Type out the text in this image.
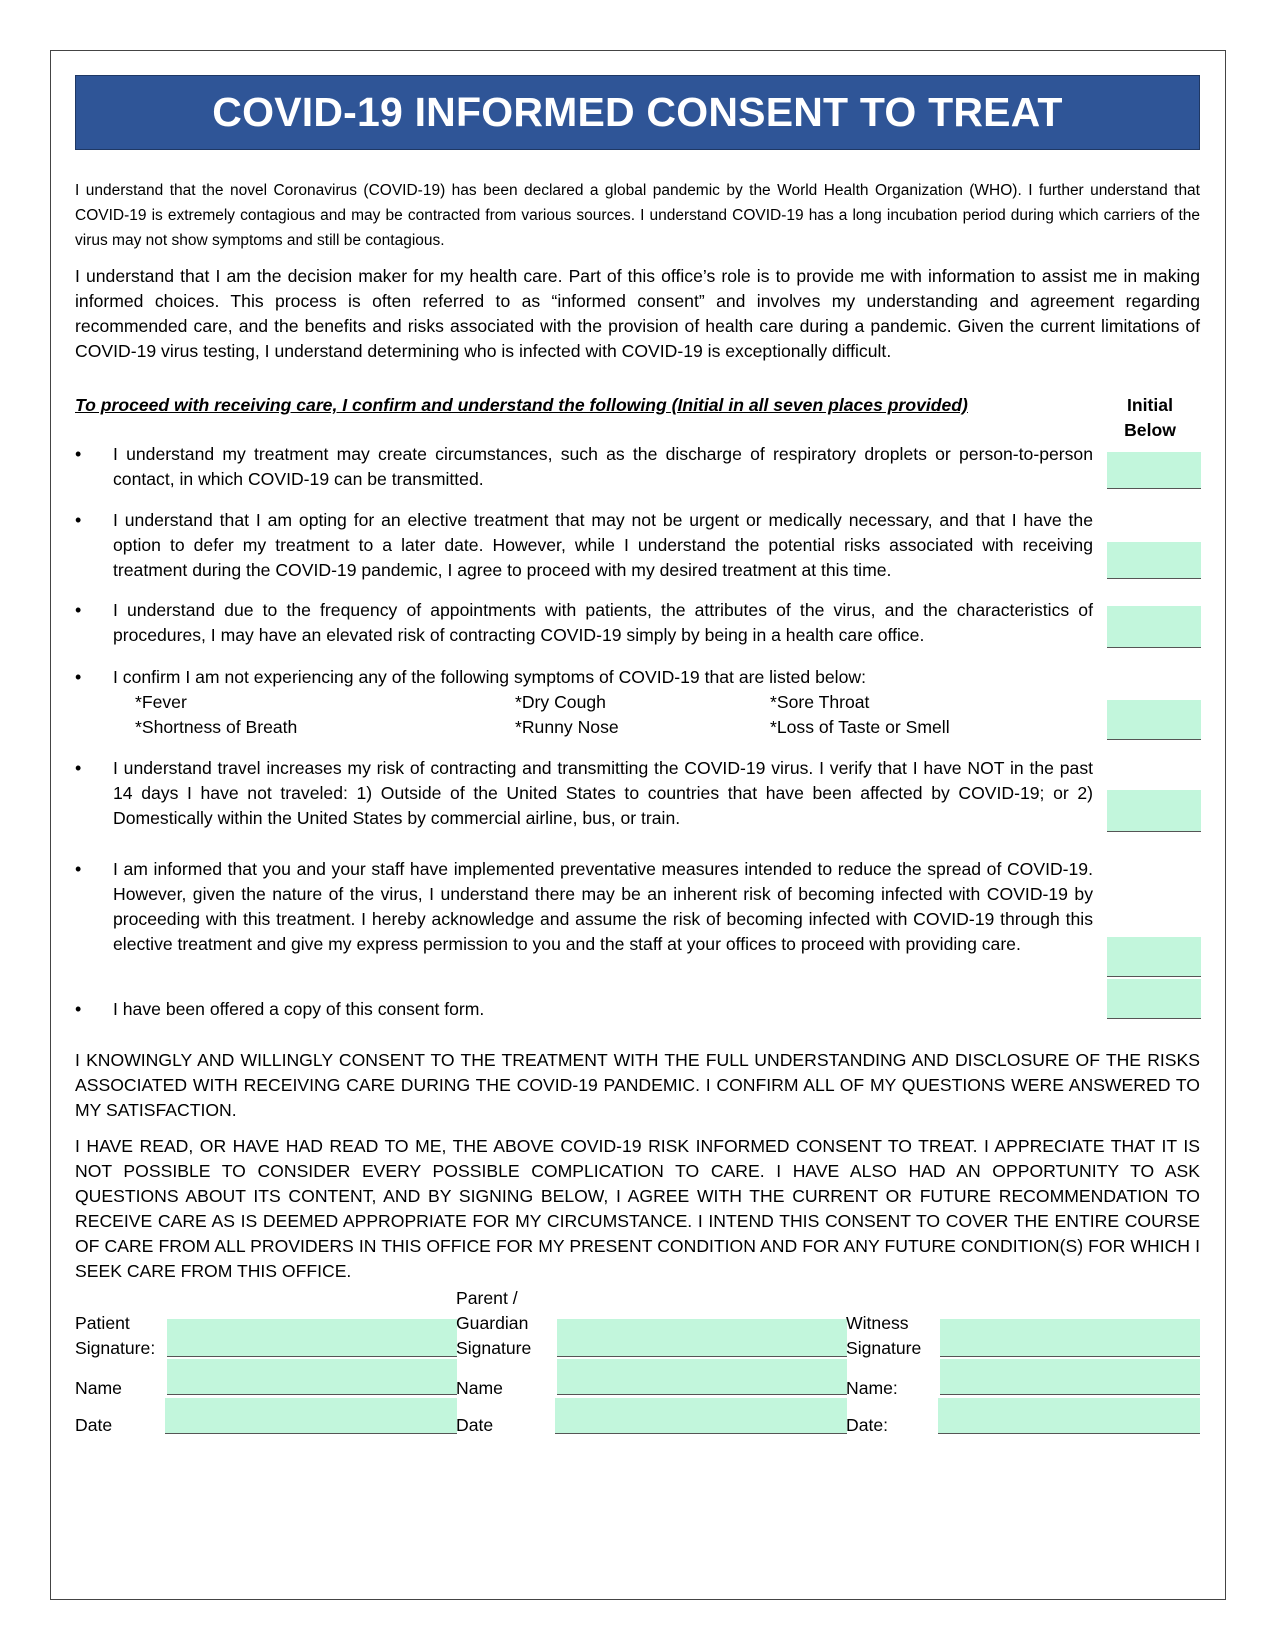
COVID-19 INFORMED CONSENT TO TREAT

I understand that the novel Coronavirus (COVID-19) has been declared a global pandemic by the World Health Organization (WHO). I further understand that COVID-19 is extremely contagious and may be contracted from various sources. I understand COVID-19 has a long incubation period during which carriers of the virus may not show symptoms and still be contagious.

I understand that I am the decision maker for my health care. Part of this office’s role is to provide me with information to assist me in making informed choices. This process is often referred to as “informed consent” and involves my understanding and agreement regarding recommended care, and the benefits and risks associated with the provision of health care during a pandemic. Given the current limitations of COVID-19 virus testing, I understand determining who is infected with COVID-19 is exceptionally difficult.

To proceed with receiving care, I confirm and understand the following (Initial in all seven places provided)	Initial Below
• I understand my treatment may create circumstances, such as the discharge of respiratory droplets or person-to-person contact, in which COVID-19 can be transmitted.

• I understand that I am opting for an elective treatment that may not be urgent or medically necessary, and that I have the option to defer my treatment to a later date. However, while I understand the potential risks associated with receiving treatment during the COVID-19 pandemic, I agree to proceed with my desired treatment at this time.

• I understand due to the frequency of appointments with patients, the attributes of the virus, and the characteristics of procedures, I may have an elevated risk of contracting COVID-19 simply by being in a health care office.

• I confirm I am not experiencing any of the following symptoms of COVID-19 that are listed below:

*Fever	*Dry Cough	*Sore Throat
*Shortness of Breath	*Runny Nose	*Loss of Taste or Smell
• I understand travel increases my risk of contracting and transmitting the COVID-19 virus. I verify that I have NOT in the past 14 days I have not traveled: 1) Outside of the United States to countries that have been affected by COVID-19; or 2) Domestically within the United States by commercial airline, bus, or train.

• I am informed that you and your staff have implemented preventative measures intended to reduce the spread of COVID-19. However, given the nature of the virus, I understand there may be an inherent risk of becoming infected with COVID-19 by proceeding with this treatment. I hereby acknowledge and assume the risk of becoming infected with COVID-19 through this elective treatment and give my express permission to you and the staff at your offices to proceed with providing care.

• I have been offered a copy of this consent form.

I KNOWINGLY AND WILLINGLY CONSENT TO THE TREATMENT WITH THE FULL UNDERSTANDING AND DISCLOSURE OF THE RISKS ASSOCIATED WITH RECEIVING CARE DURING THE COVID-19 PANDEMIC. I CONFIRM ALL OF MY QUESTIONS WERE ANSWERED TO MY SATISFACTION.

I HAVE READ, OR HAVE HAD READ TO ME, THE ABOVE COVID-19 RISK INFORMED CONSENT TO TREAT. I APPRECIATE THAT IT IS NOT POSSIBLE TO CONSIDER EVERY POSSIBLE COMPLICATION TO CARE. I HAVE ALSO HAD AN OPPORTUNITY TO ASK QUESTIONS ABOUT ITS CONTENT, AND BY SIGNING BELOW, I AGREE WITH THE CURRENT OR FUTURE RECOMMENDATION TO RECEIVE CARE AS IS DEEMED APPROPRIATE FOR MY CIRCUMSTANCE. I INTEND THIS CONSENT TO COVER THE ENTIRE COURSE OF CARE FROM ALL PROVIDERS IN THIS OFFICE FOR MY PRESENT CONDITION AND FOR ANY FUTURE CONDITION(S) FOR WHICH I SEEK CARE FROM THIS OFFICE.

Patient
Signature:
Name
Date
Parent /
Guardian
Signature
Name
Date
Witness
Signature
Name:
Date:
